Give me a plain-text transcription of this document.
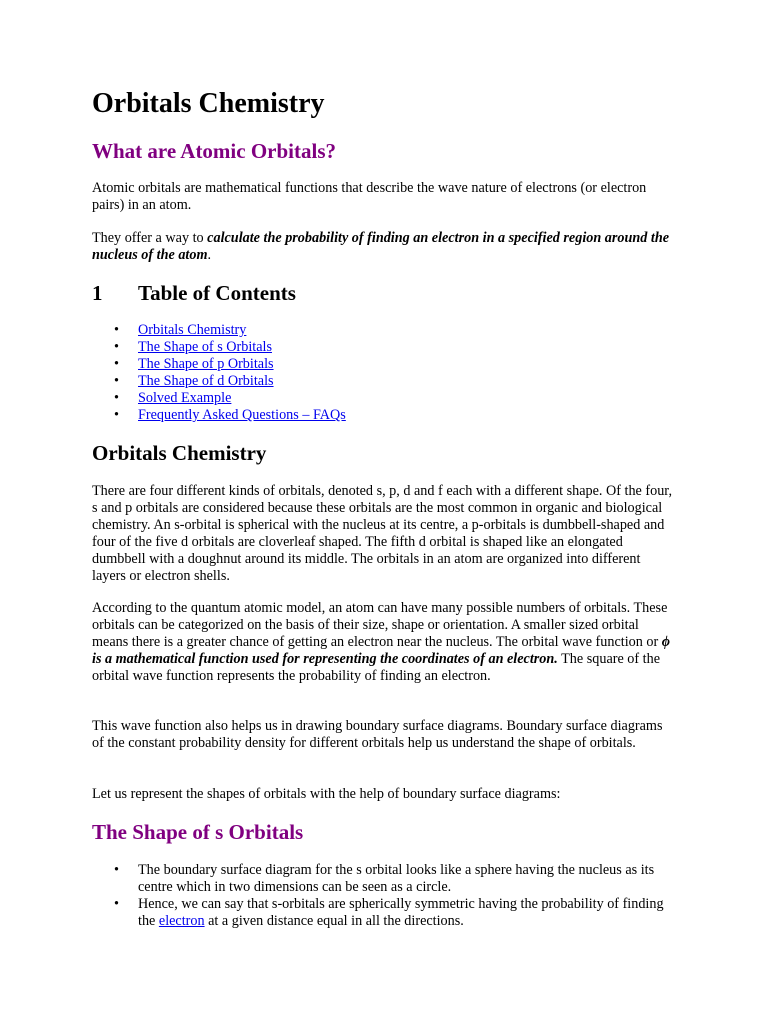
Orbitals Chemistry
What are Atomic Orbitals?

Atomic orbitals are mathematical functions that describe the wave nature of electrons (or electron pairs) in an atom.

They offer a way to calculate the probability of finding an electron in a specified region around the nucleus of the atom.

1 Table of Contents
• Orbitals Chemistry
• The Shape of s Orbitals
• The Shape of p Orbitals
• The Shape of d Orbitals
• Solved Example
• Frequently Asked Questions – FAQs
Orbitals Chemistry

There are four different kinds of orbitals, denoted s, p, d and f each with a different shape. Of the four, s and p orbitals are considered because these orbitals are the most common in organic and biological chemistry. An s-orbital is spherical with the nucleus at its centre, a p-orbitals is dumbbell-shaped and four of the five d orbitals are cloverleaf shaped. The fifth d orbital is shaped like an elongated dumbbell with a doughnut around its middle. The orbitals in an atom are organized into different layers or electron shells.

According to the quantum atomic model, an atom can have many possible numbers of orbitals. These orbitals can be categorized on the basis of their size, shape or orientation. A smaller sized orbital means there is a greater chance of getting an electron near the nucleus. The orbital wave function or ϕ is a mathematical function used for representing the coordinates of an electron. The square of the orbital wave function represents the probability of finding an electron.

This wave function also helps us in drawing boundary surface diagrams. Boundary surface diagrams of the constant probability density for different orbitals help us understand the shape of orbitals.

Let us represent the shapes of orbitals with the help of boundary surface diagrams:

The Shape of s Orbitals
• The boundary surface diagram for the s orbital looks like a sphere having the nucleus as its centre which in two dimensions can be seen as a circle.
• Hence, we can say that s-orbitals are spherically symmetric having the probability of finding the electron at a given distance equal in all the directions.
